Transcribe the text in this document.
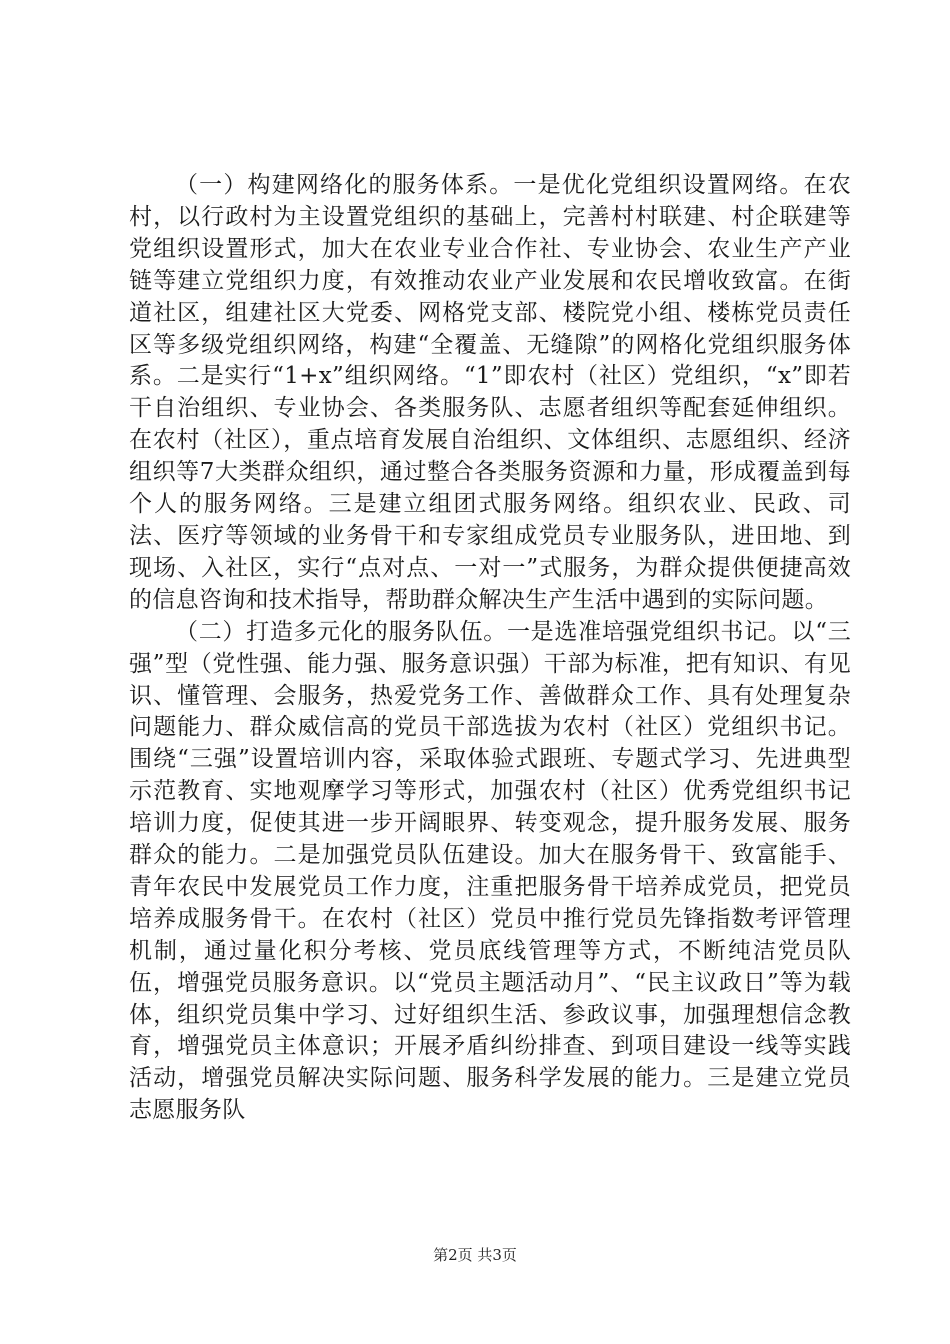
（一）构建网络化的服务体系。一是优化党组织设置网络。在农村，以行政村为主设置党组织的基础上，完善村村联建、村企联建等党组织设置形式，加大在农业专业合作社、专业协会、农业生产产业链等建立党组织力度，有效推动农业产业发展和农民增收致富。在街道社区，组建社区大党委、网格党支部、楼院党小组、楼栋党员责任区等多级党组织网络，构建“全覆盖、无缝隙”的网格化党组织服务体系。二是实行“1+x”组织网络。“1”即农村（社区）党组织，“x”即若干自治组织、专业协会、各类服务队、志愿者组织等配套延伸组织。在农村（社区），重点培育发展自治组织、文体组织、志愿组织、经济组织等7大类群众组织，通过整合各类服务资源和力量，形成覆盖到每个人的服务网络。三是建立组团式服务网络。组织农业、民政、司法、医疗等领域的业务骨干和专家组成党员专业服务队，进田地、到现场、入社区，实行“点对点、一对一”式服务，为群众提供便捷高效的信息咨询和技术指导，帮助群众解决生产生活中遇到的实际问题。

（二）打造多元化的服务队伍。一是选准培强党组织书记。以“三强”型（党性强、能力强、服务意识强）干部为标准，把有知识、有见识、懂管理、会服务，热爱党务工作、善做群众工作、具有处理复杂问题能力、群众威信高的党员干部选拔为农村（社区）党组织书记。围绕“三强”设置培训内容，采取体验式跟班、专题式学习、先进典型示范教育、实地观摩学习等形式，加强农村（社区）优秀党组织书记培训力度，促使其进一步开阔眼界、转变观念，提升服务发展、服务群众的能力。二是加强党员队伍建设。加大在服务骨干、致富能手、青年农民中发展党员工作力度，注重把服务骨干培养成党员，把党员培养成服务骨干。在农村（社区）党员中推行党员先锋指数考评管理机制，通过量化积分考核、党员底线管理等方式，不断纯洁党员队伍，增强党员服务意识。以“党员主题活动月”、“民主议政日”等为载体，组织党员集中学习、过好组织生活、参政议事，加强理想信念教育，增强党员主体意识；开展矛盾纠纷排查、到项目建设一线等实践活动，增强党员解决实际问题、服务科学发展的能力。三是建立党员志愿服务队

第2页 共3页
